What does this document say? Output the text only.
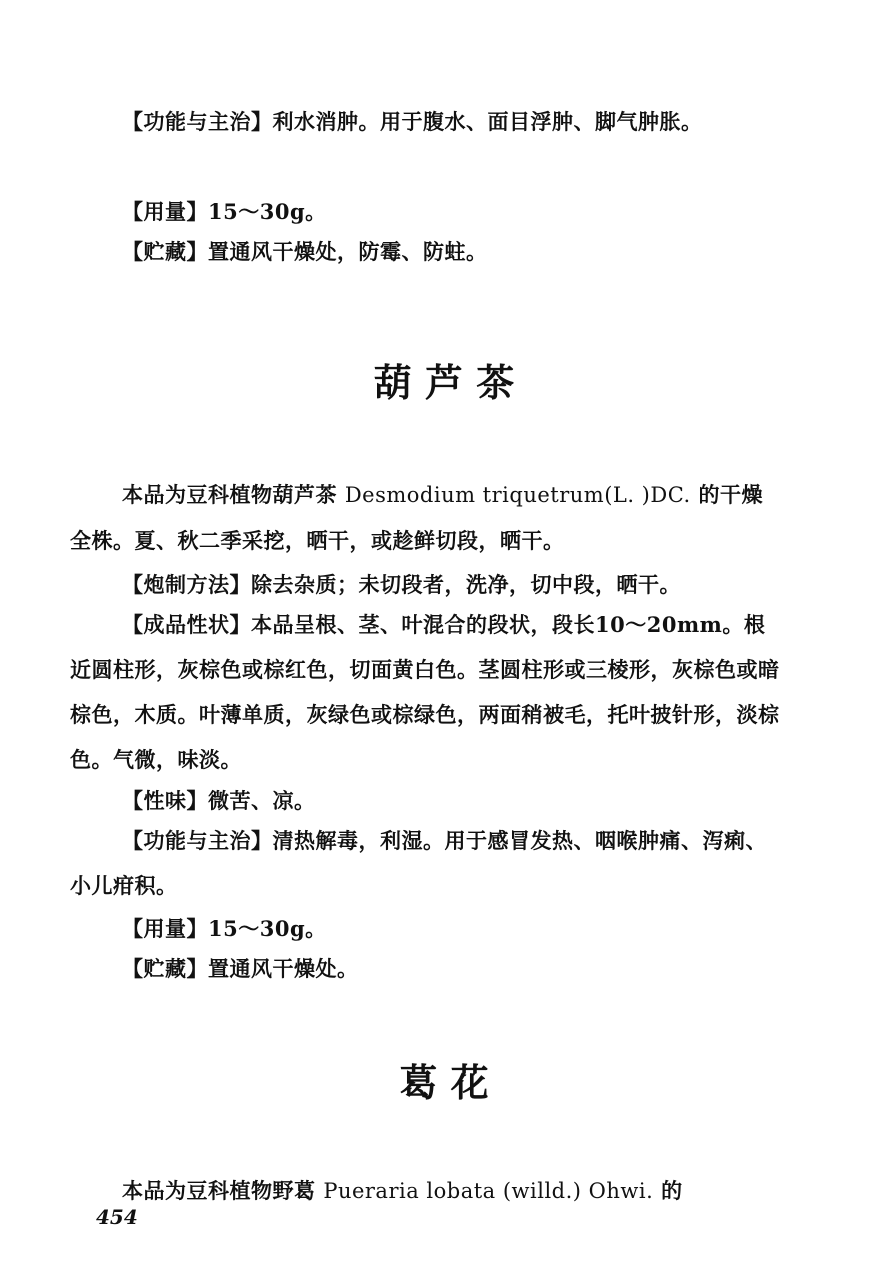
【功能与主治】利水消肿。用于腹水、面目浮肿、脚气肿胀。

【用量】15～30g。

【贮藏】置通风干燥处，防霉、防蛀。

葫 芦 茶

本品为豆科植物葫芦茶 Desmodium triquetrum(L. )DC. 的干燥全株。夏、秋二季采挖，晒干，或趁鲜切段，晒干。

【炮制方法】除去杂质；未切段者，洗净，切中段，晒干。

【成品性状】本品呈根、茎、叶混合的段状，段长10～20mm。根近圆柱形，灰棕色或棕红色，切面黄白色。茎圆柱形或三棱形，灰棕色或暗棕色，木质。叶薄单质，灰绿色或棕绿色，两面稍被毛，托叶披针形，淡棕色。气微，味淡。

【性味】微苦、凉。

【功能与主治】清热解毒，利湿。用于感冒发热、咽喉肿痛、泻痢、小儿疳积。

【用量】15～30g。

【贮藏】置通风干燥处。

葛 花

本品为豆科植物野葛 Pueraria lobata (willd.) Ohwi. 的

454
